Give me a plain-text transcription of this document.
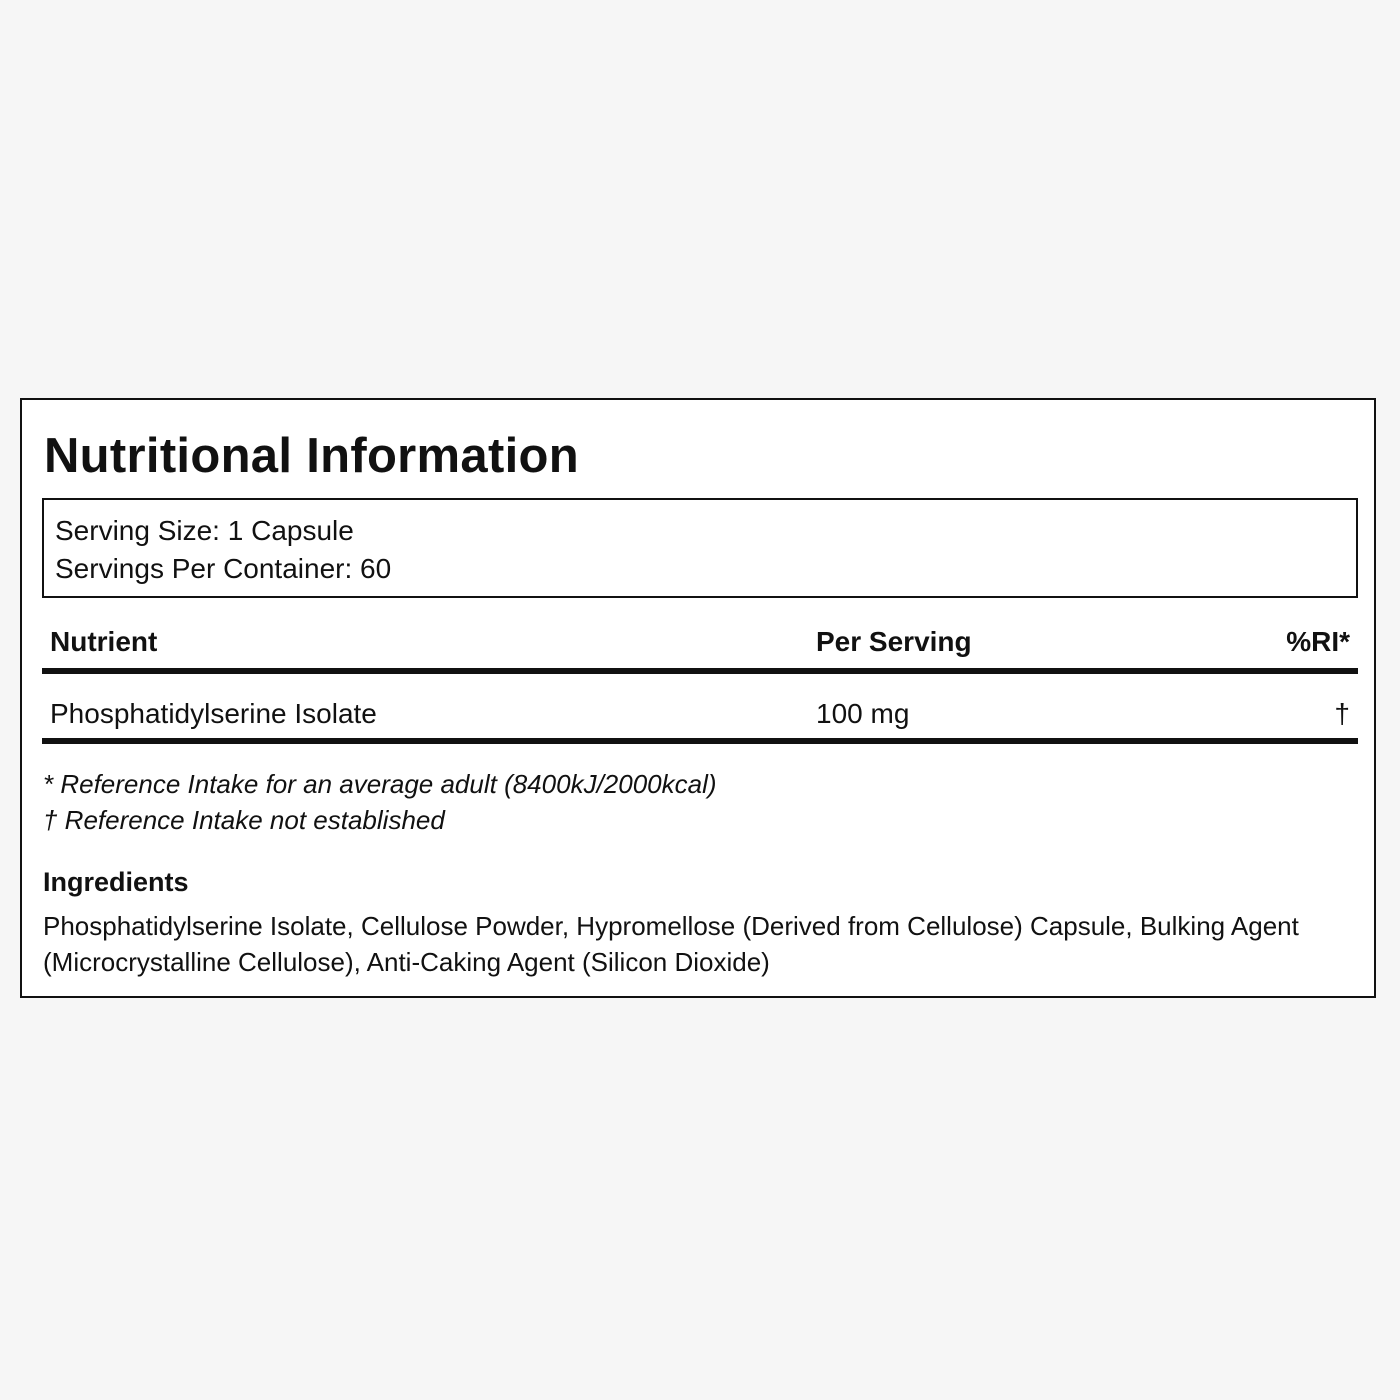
Nutritional Information
Serving Size: 1 Capsule
Servings Per Container: 60
Nutrient	Per Serving	%RI*
Phosphatidylserine Isolate	100 mg	†
* Reference Intake for an average adult (8400kJ/2000kcal)
† Reference Intake not established
Ingredients

Phosphatidylserine Isolate, Cellulose Powder, Hypromellose (Derived from Cellulose) Capsule, Bulking Agent (Microcrystalline Cellulose), Anti-Caking Agent (Silicon Dioxide)
